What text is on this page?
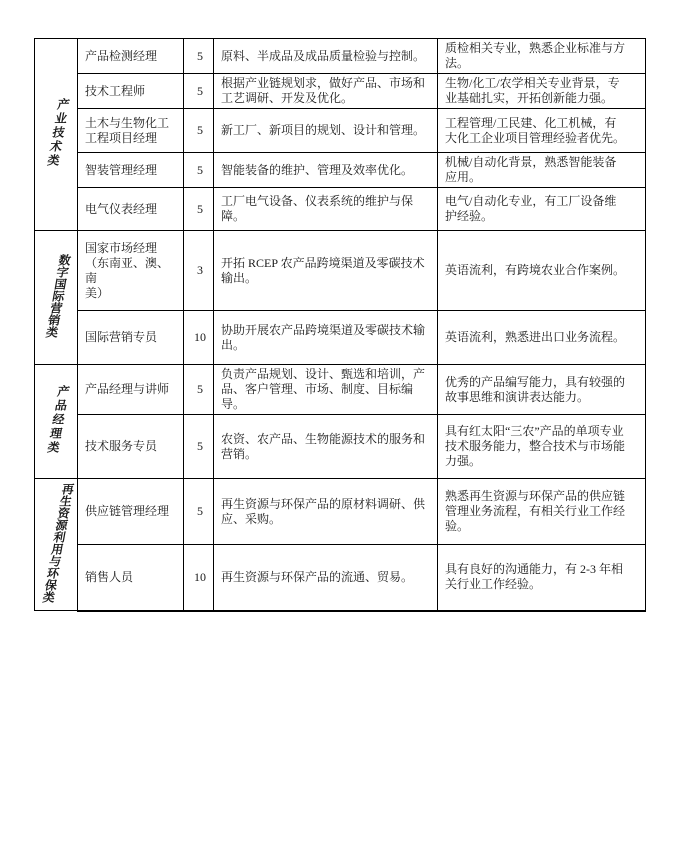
产业技术类	产品检测经理	5	原料、半成品及成品质量检验与控制。	质检相关专业，熟悉企业标准与方
法。
	技术工程师	5	根据产业链规划求，做好产品、市场和
工艺调研、开发及优化。	生物/化工/农学相关专业背景，专
业基础扎实，开拓创新能力强。
	土木与生物化工
工程项目经理	5	新工厂、新项目的规划、设计和管理。	工程管理/工民建、化工机械，有
大化工企业项目管理经验者优先。
	智装管理经理	5	智能装备的维护、管理及效率优化。	机械/自动化背景，熟悉智能装备
应用。
	电气仪表经理	5	工厂电气设备、仪表系统的维护与保
障。	电气/自动化专业，有工厂设备维
护经验。
数字国际营销类	国家市场经理
（东南亚、澳、南
美）	3	开拓 RCEP 农产品跨境渠道及零碳技术
输出。	英语流利，有跨境农业合作案例。
	国际营销专员	10	协助开展农产品跨境渠道及零碳技术输
出。	英语流利，熟悉进出口业务流程。
产品经理类	产品经理与讲师	5	负责产品规划、设计、甄选和培训，产
品、客户管理、市场、制度、目标编
导。	优秀的产品编写能力，具有较强的
故事思维和演讲表达能力。
	技术服务专员	5	农资、农产品、生物能源技术的服务和
营销。	具有红太阳“三农”产品的单项专业
技术服务能力，整合技术与市场能
力强。
再生资源利用与环保类	供应链管理经理	5	再生资源与环保产品的原材料调研、供
应、采购。	熟悉再生资源与环保产品的供应链
管理业务流程，有相关行业工作经
验。
	销售人员	10	再生资源与环保产品的流通、贸易。	具有良好的沟通能力，有 2-3 年相
关行业工作经验。
